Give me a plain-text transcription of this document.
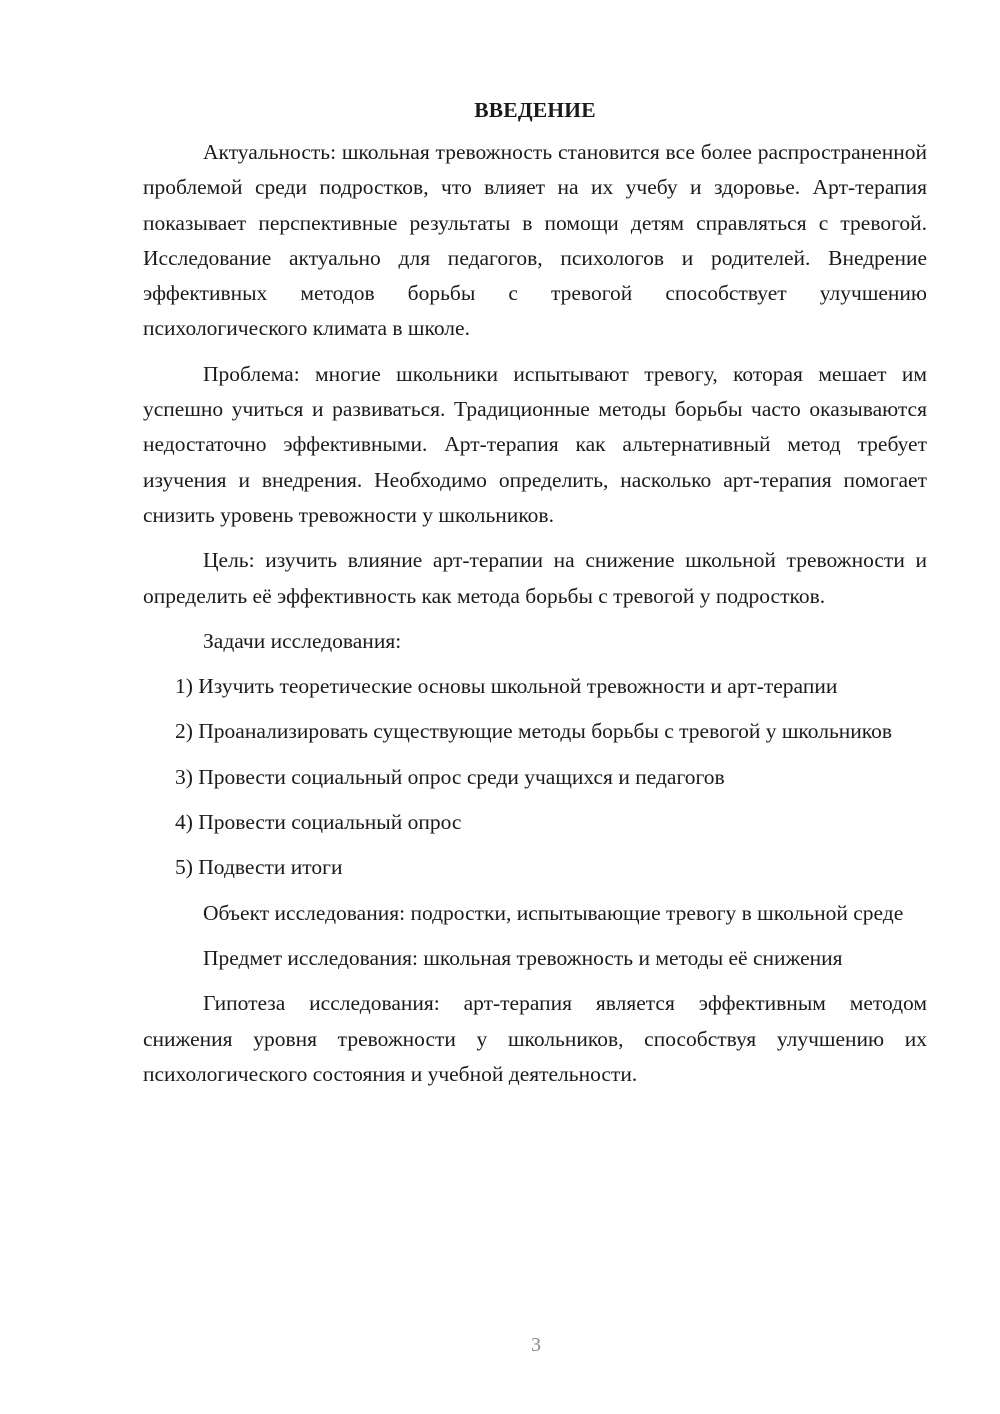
ВВЕДЕНИЕ

Актуальность: школьная тревожность становится все более распространенной проблемой среди подростков, что влияет на их учебу и здоровье. Арт-терапия показывает перспективные результаты в помощи детям справляться с тревогой. Исследование актуально для педагогов, психологов и родителей. Внедрение эффективных методов борьбы с тревогой способствует улучшению психологического климата в школе.

Проблема: многие школьники испытывают тревогу, которая мешает им успешно учиться и развиваться. Традиционные методы борьбы часто оказываются недостаточно эффективными. Арт-терапия как альтернативный метод требует изучения и внедрения. Необходимо определить, насколько арт-терапия помогает снизить уровень тревожности у школьников.

Цель: изучить влияние арт-терапии на снижение школьной тревожности и определить её эффективность как метода борьбы с тревогой у подростков.

Задачи исследования:

1) Изучить теоретические основы школьной тревожности и арт-терапии

2) Проанализировать существующие методы борьбы с тревогой у школьников

3) Провести социальный опрос среди учащихся и педагогов

4) Провести социальный опрос

5) Подвести итоги

Объект исследования: подростки, испытывающие тревогу в школьной среде

Предмет исследования: школьная тревожность и методы её снижения

Гипотеза исследования: арт-терапия является эффективным методом снижения уровня тревожности у школьников, способствуя улучшению их психологического состояния и учебной деятельности.

3
